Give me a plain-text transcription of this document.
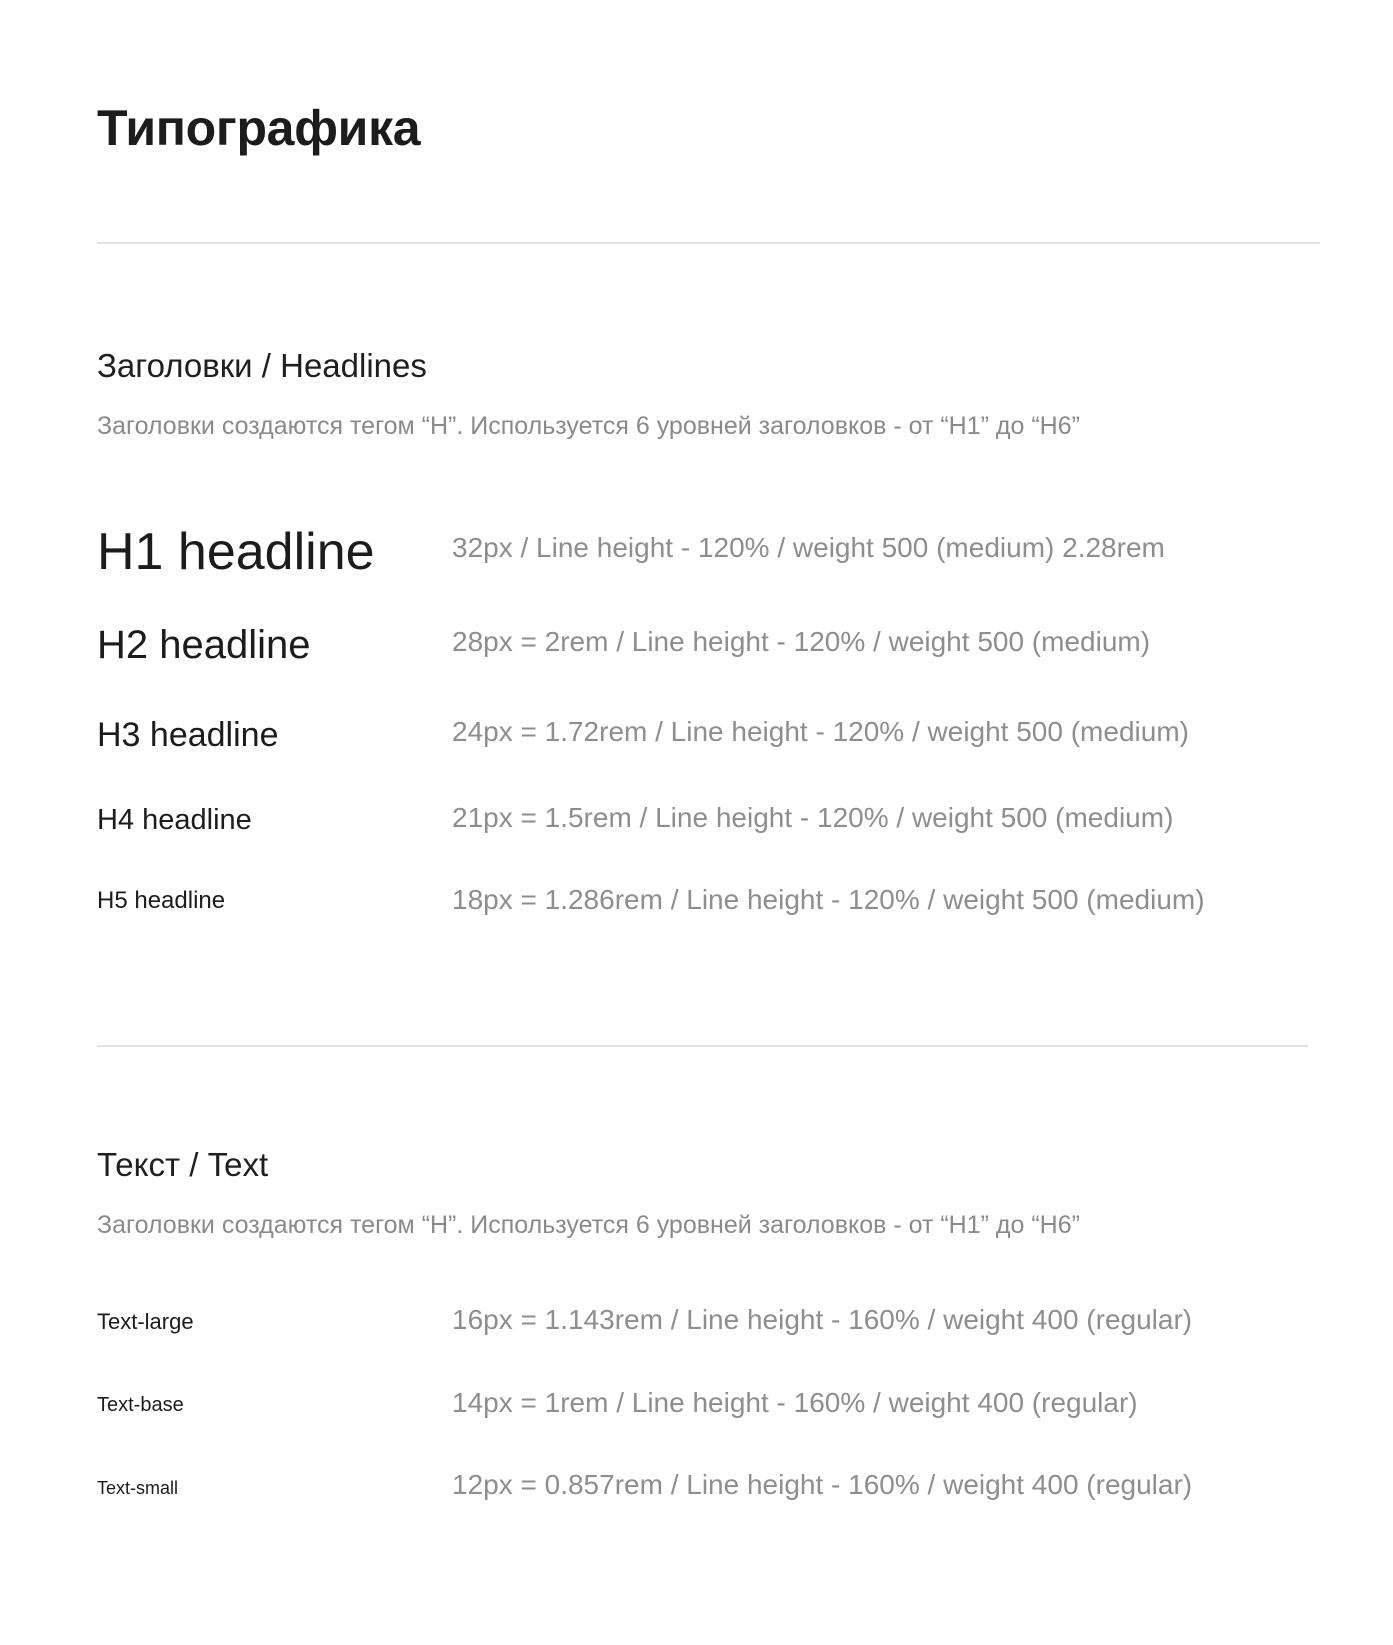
Типографика
Заголовки / Headlines

Заголовки создаются тегом “H”. Используется 6 уровней заголовков - от “H1” до “H6”

H1 headline	32px / Line height - 120% / weight 500 (medium) 2.28rem

H2 headline	28px = 2rem / Line height - 120% / weight 500 (medium)

H3 headline	24px = 1.72rem / Line height - 120% / weight 500 (medium)

H4 headline	21px = 1.5rem / Line height - 120% / weight 500 (medium)

H5 headline	18px = 1.286rem / Line height - 120% / weight 500 (medium)

Текст / Text

Заголовки создаются тегом “H”. Используется 6 уровней заголовков - от “H1” до “H6”

Text-large	16px = 1.143rem / Line height - 160% / weight 400 (regular)

Text-base	14px = 1rem / Line height - 160% / weight 400 (regular)

Text-small	12px = 0.857rem / Line height - 160% / weight 400 (regular)
